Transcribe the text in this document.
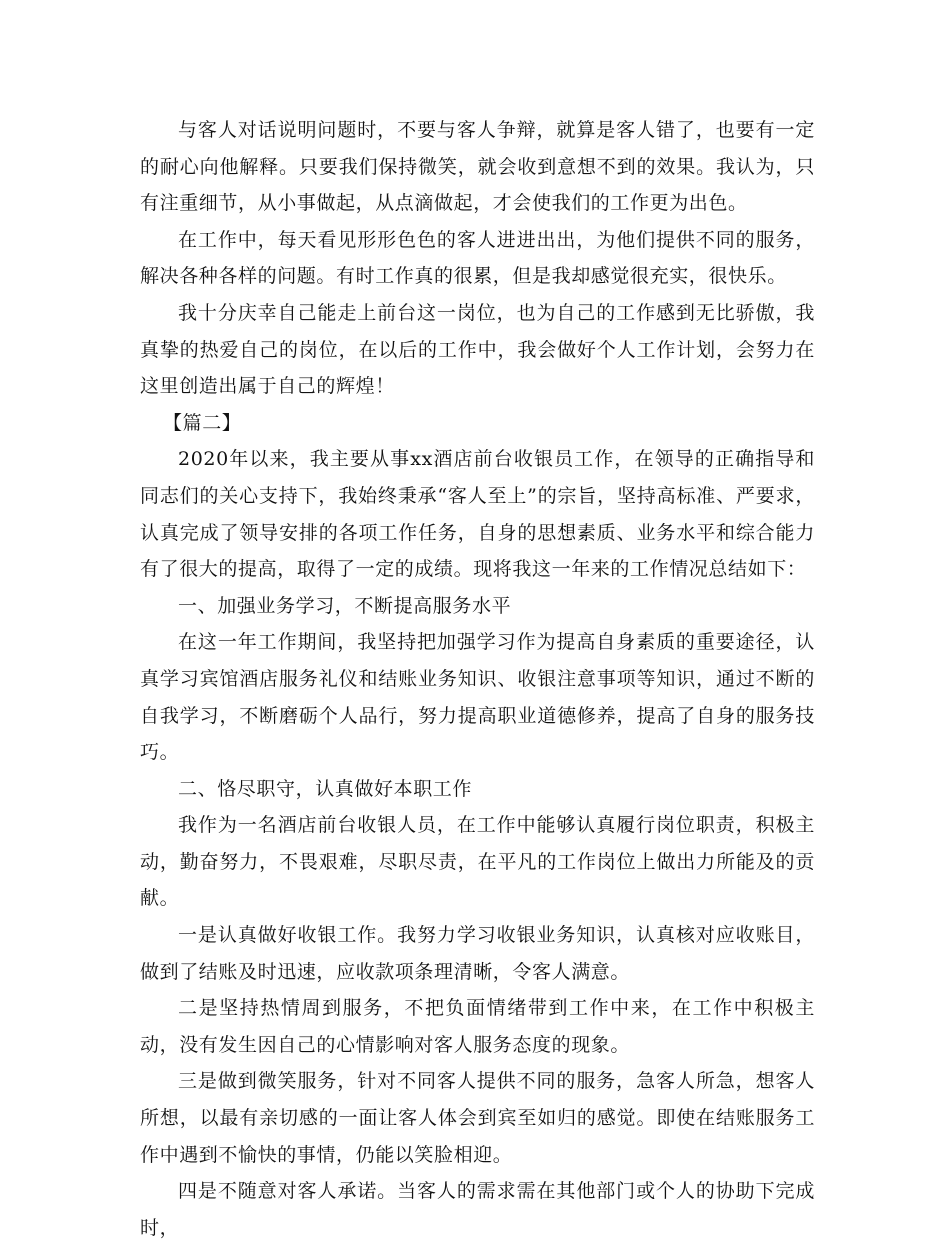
与客人对话说明问题时，不要与客人争辩，就算是客人错了，也要有一定的耐心向他解释。只要我们保持微笑，就会收到意想不到的效果。我认为，只有注重细节，从小事做起，从点滴做起，才会使我们的工作更为出色。

在工作中，每天看见形形色色的客人进进出出，为他们提供不同的服务，解决各种各样的问题。有时工作真的很累，但是我却感觉很充实，很快乐。

我十分庆幸自己能走上前台这一岗位，也为自己的工作感到无比骄傲，我真挚的热爱自己的岗位，在以后的工作中，我会做好个人工作计划，会努力在这里创造出属于自己的辉煌！

【篇二】

2020年以来，我主要从事xx酒店前台收银员工作，在领导的正确指导和同志们的关心支持下，我始终秉承“客人至上”的宗旨，坚持高标准、严要求，认真完成了领导安排的各项工作任务，自身的思想素质、业务水平和综合能力有了很大的提高，取得了一定的成绩。现将我这一年来的工作情况总结如下：

一、加强业务学习，不断提高服务水平

在这一年工作期间，我坚持把加强学习作为提高自身素质的重要途径，认真学习宾馆酒店服务礼仪和结账业务知识、收银注意事项等知识，通过不断的自我学习，不断磨砺个人品行，努力提高职业道德修养，提高了自身的服务技巧。

二、恪尽职守，认真做好本职工作

我作为一名酒店前台收银人员，在工作中能够认真履行岗位职责，积极主动，勤奋努力，不畏艰难，尽职尽责，在平凡的工作岗位上做出力所能及的贡献。

一是认真做好收银工作。我努力学习收银业务知识，认真核对应收账目，做到了结账及时迅速，应收款项条理清晰，令客人满意。

二是坚持热情周到服务，不把负面情绪带到工作中来，在工作中积极主动，没有发生因自己的心情影响对客人服务态度的现象。

三是做到微笑服务，针对不同客人提供不同的服务，急客人所急，想客人所想，以最有亲切感的一面让客人体会到宾至如归的感觉。即使在结账服务工作中遇到不愉快的事情，仍能以笑脸相迎。

四是不随意对客人承诺。当客人的需求需在其他部门或个人的协助下完成时，
